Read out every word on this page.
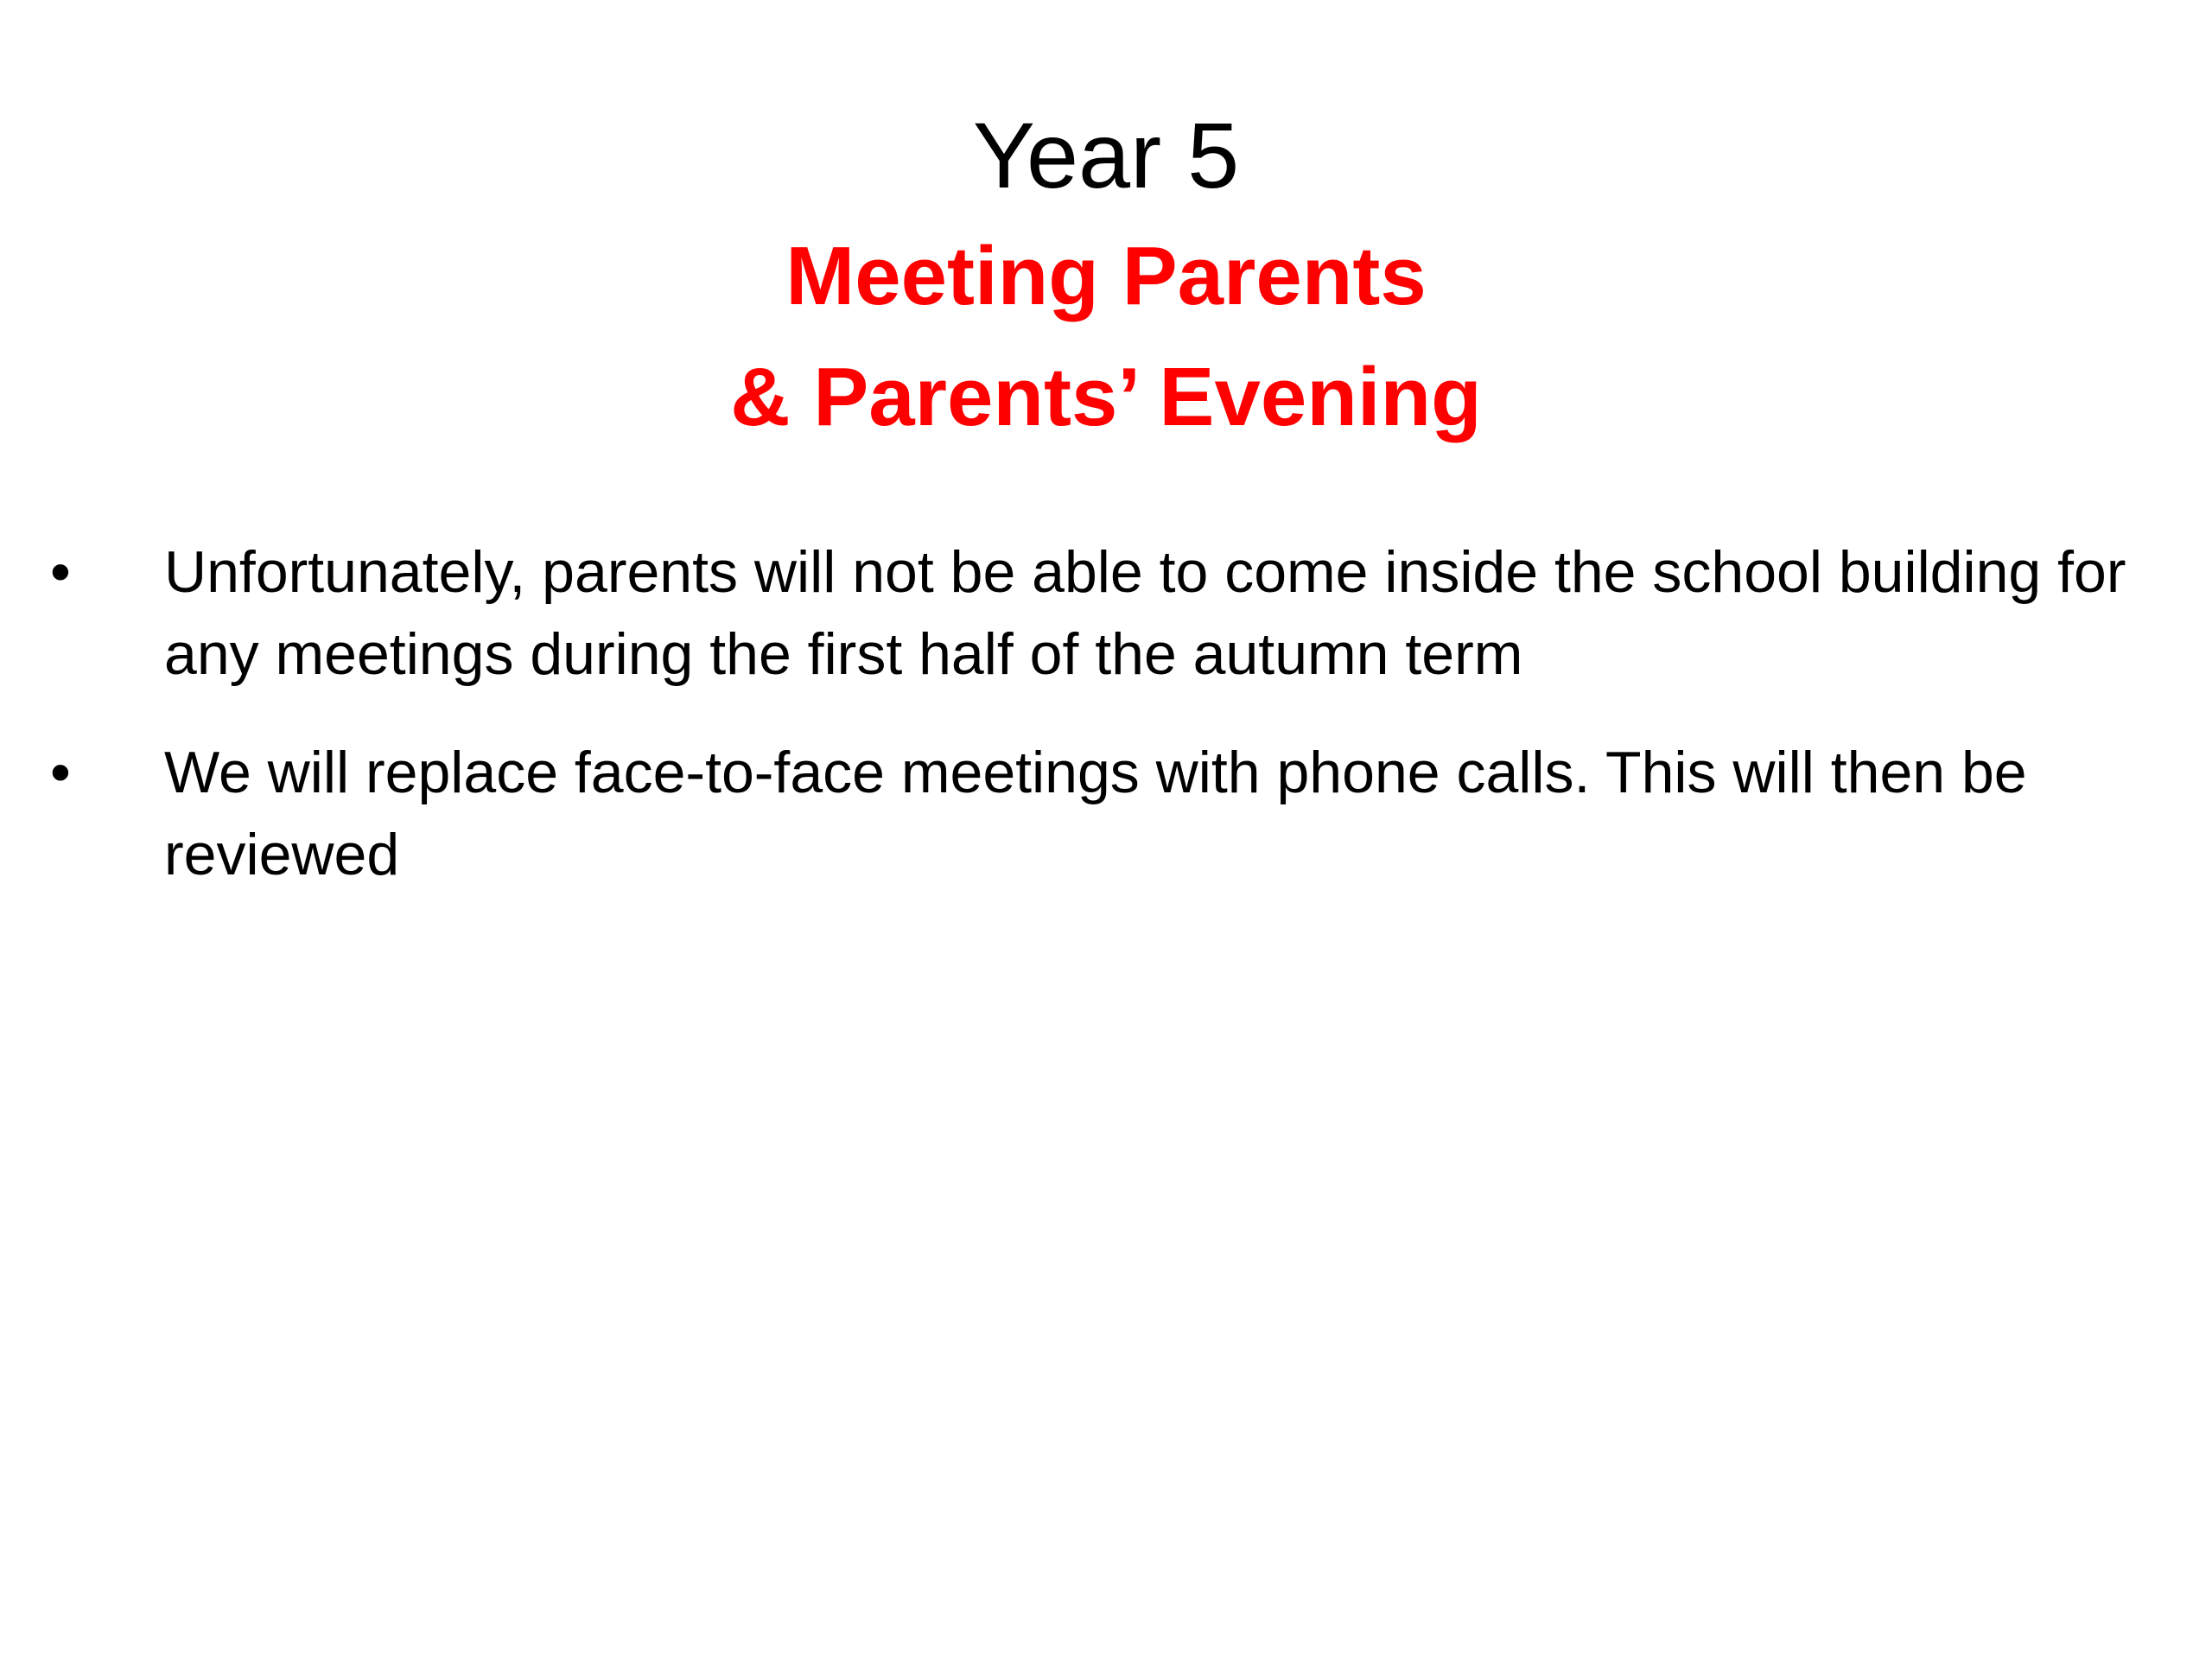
Year 5
Meeting Parents
& Parents’ Evening
• Unfortunately, parents will not be able to come inside the school building for any meetings during the first half of the autumn term
• We will replace face-to-face meetings with phone calls. This will then be reviewed
